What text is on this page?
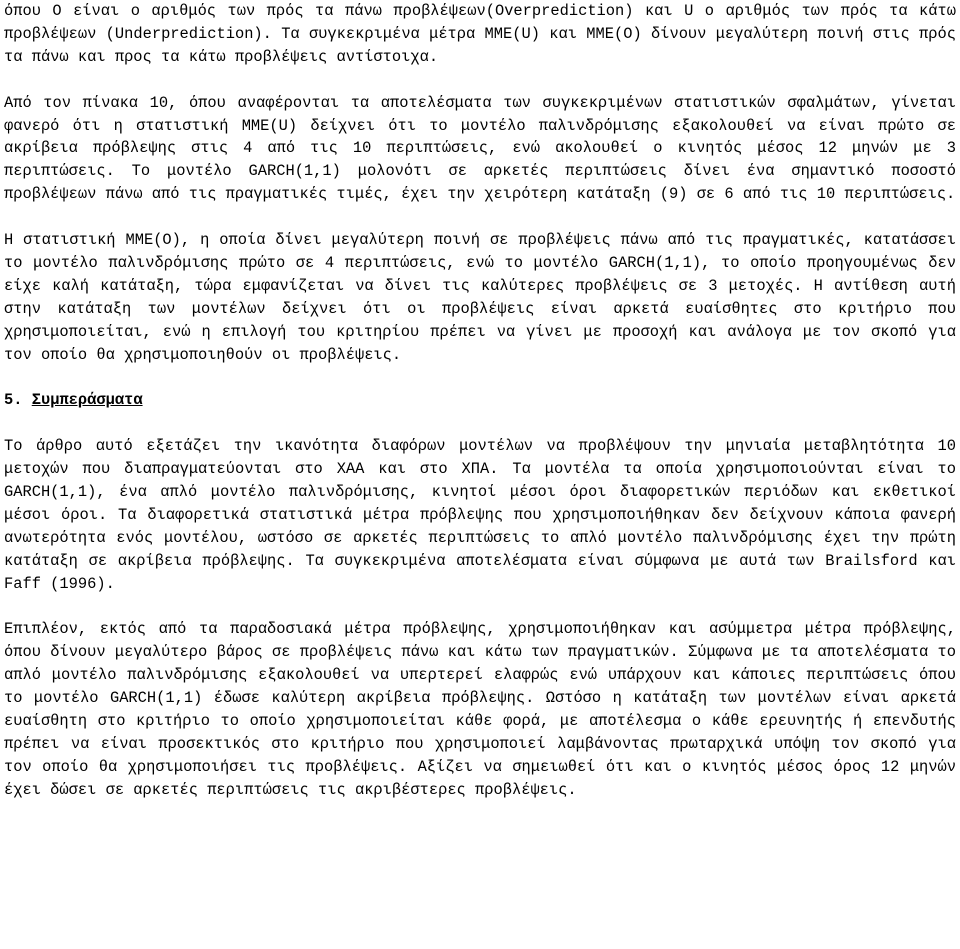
όπου Ο είναι ο αριθμός των πρός τα πάνω προβλέψεων(Overprediction) και U ο αριθμός των πρός τα κάτω προβλέψεων (Underprediction). Τα συγκεκριμένα μέτρα MME(U) και MME(O) δίνουν μεγαλύτερη ποινή στις πρός τα πάνω και προς τα κάτω προβλέψεις αντίστοιχα.

Από τον πίνακα 10, όπου αναφέρονται τα αποτελέσματα των συγκεκριμένων στατιστικών σφαλμάτων, γίνεται φανερό ότι η στατιστική MME(U) δείχνει ότι το μοντέλο παλινδρόμισης εξακολουθεί να είναι πρώτο σε ακρίβεια πρόβλεψης στις 4 από τις 10 περιπτώσεις, ενώ ακολουθεί ο κινητός μέσος 12 μηνών με 3 περιπτώσεις. Το μοντέλο GARCH(1,1) μολονότι σε αρκετές περιπτώσεις δίνει ένα σημαντικό ποσοστό προβλέψεων πάνω από τις πραγματικές τιμές, έχει την χειρότερη κατάταξη (9) σε 6 από τις 10 περιπτώσεις.

Η στατιστική MME(O), η οποία δίνει μεγαλύτερη ποινή σε προβλέψεις πάνω από τις πραγματικές, κατατάσσει το μοντέλο παλινδρόμισης πρώτο σε 4 περιπτώσεις, ενώ το μοντέλο GARCH(1,1), το οποίο προηγουμένως δεν είχε καλή κατάταξη, τώρα εμφανίζεται να δίνει τις καλύτερες προβλέψεις σε 3 μετοχές. Η αντίθεση αυτή στην κατάταξη των μοντέλων δείχνει ότι οι προβλέψεις είναι αρκετά ευαίσθητες στο κριτήριο που χρησιμοποιείται, ενώ η επιλογή του κριτηρίου πρέπει να γίνει με προσοχή και ανάλογα με τον σκοπό για τον οποίο θα χρησιμοποιηθούν οι προβλέψεις.

5. Συμπεράσματα

Το άρθρο αυτό εξετάζει την ικανότητα διαφόρων μοντέλων να προβλέψουν την μηνιαία μεταβλητότητα 10 μετοχών που διαπραγματεύονται στο ΧΑΑ και στο ΧΠΑ. Τα μοντέλα τα οποία χρησιμοποιούνται είναι το GARCH(1,1), ένα απλό μοντέλο παλινδρόμισης, κινητοί μέσοι όροι διαφορετικών περιόδων και εκθετικοί μέσοι όροι. Τα διαφορετικά στατιστικά μέτρα πρόβλεψης που χρησιμοποιήθηκαν δεν δείχνουν κάποια φανερή ανωτερότητα ενός μοντέλου, ωστόσο σε αρκετές περιπτώσεις το απλό μοντέλο παλινδρόμισης έχει την πρώτη κατάταξη σε ακρίβεια πρόβλεψης. Τα συγκεκριμένα αποτελέσματα είναι σύμφωνα με αυτά των Brailsford και Faff (1996).

Επιπλέον, εκτός από τα παραδοσιακά μέτρα πρόβλεψης, χρησιμοποιήθηκαν και ασύμμετρα μέτρα πρόβλεψης, όπου δίνουν μεγαλύτερο βάρος σε προβλέψεις πάνω και κάτω των πραγματικών. Σύμφωνα με τα αποτελέσματα το απλό μοντέλο παλινδρόμισης εξακολουθεί να υπερτερεί ελαφρώς ενώ υπάρχουν και κάποιες περιπτώσεις όπου το μοντέλο GARCH(1,1) έδωσε καλύτερη ακρίβεια πρόβλεψης. Ωστόσο η κατάταξη των μοντέλων είναι αρκετά ευαίσθητη στο κριτήριο το οποίο χρησιμοποιείται κάθε φορά, με αποτέλεσμα ο κάθε ερευνητής ή επενδυτής πρέπει να είναι προσεκτικός στο κριτήριο που χρησιμοποιεί λαμβάνοντας πρωταρχικά υπόψη τον σκοπό για τον οποίο θα χρησιμοποιήσει τις προβλέψεις. Αξίζει να σημειωθεί ότι και ο κινητός μέσος όρος 12 μηνών έχει δώσει σε αρκετές περιπτώσεις τις ακριβέστερες προβλέψεις.
